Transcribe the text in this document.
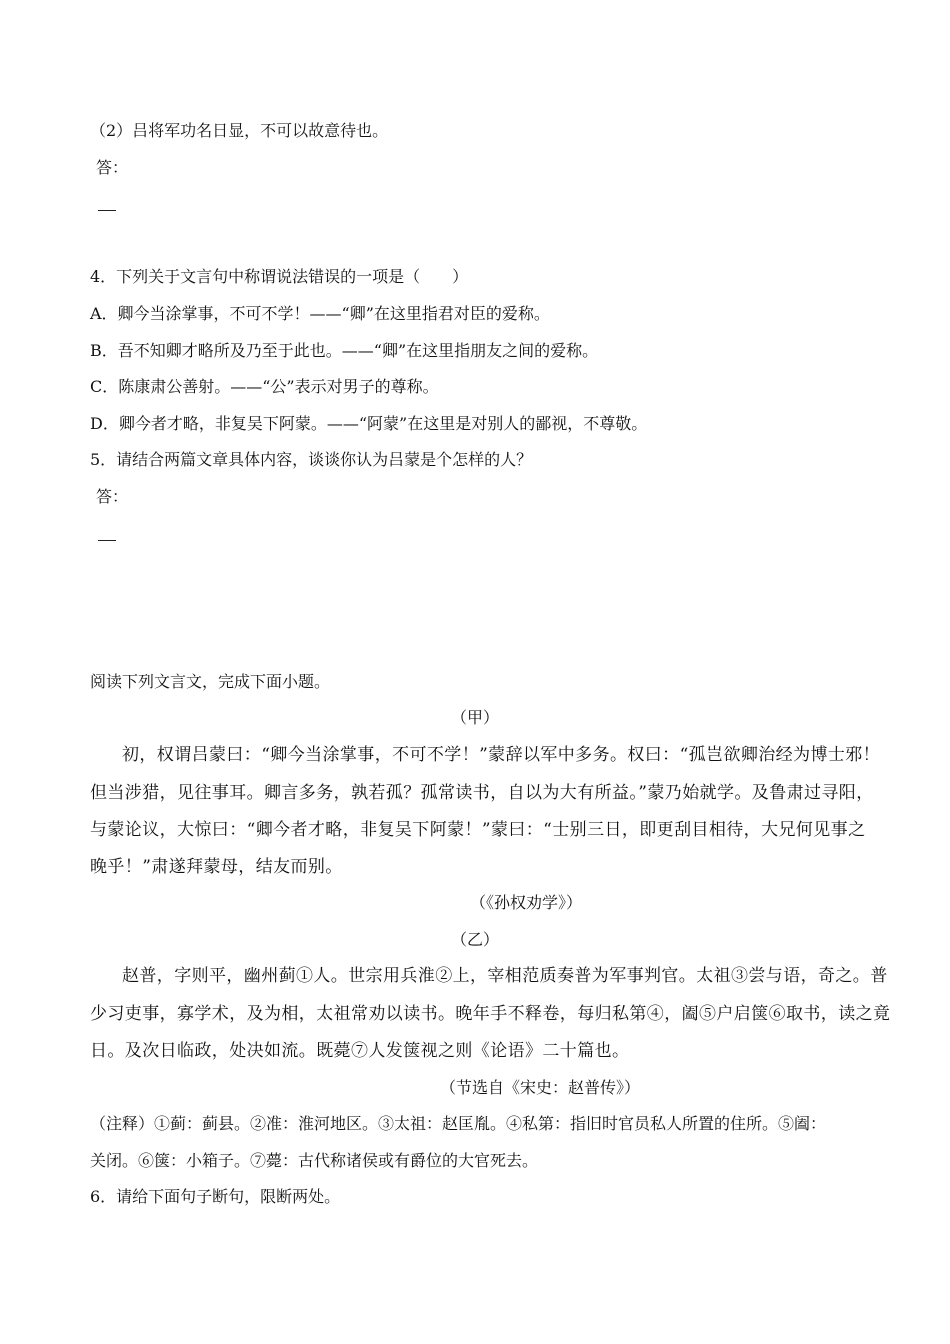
（2）吕将军功名日显，不可以故意待也。
答：
4．下列关于文言句中称谓说法错误的一项是（　　）
A．卿今当涂掌事，不可不学！——“卿”在这里指君对臣的爱称。
B．吾不知卿才略所及乃至于此也。——“卿”在这里指朋友之间的爱称。
C．陈康肃公善射。——“公”表示对男子的尊称。
D．卿今者才略，非复吴下阿蒙。——“阿蒙”在这里是对别人的鄙视，不尊敬。
5．请结合两篇文章具体内容，谈谈你认为吕蒙是个怎样的人？
答：
阅读下列文言文，完成下面小题。
（甲）
初，权谓吕蒙曰：“卿今当涂掌事，不可不学！”蒙辞以军中多务。权曰：“孤岂欲卿治经为博士邪！
但当涉猎，见往事耳。卿言多务，孰若孤？孤常读书，自以为大有所益。”蒙乃始就学。及鲁肃过寻阳，
与蒙论议，大惊曰：“卿今者才略，非复吴下阿蒙！”蒙曰：“士别三日，即更刮目相待，大兄何见事之
晚乎！”肃遂拜蒙母，结友而别。
（《孙权劝学》）
（乙）
赵普，字则平，幽州蓟①人。世宗用兵淮②上，宰相范质奏普为军事判官。太祖③尝与语，奇之。普
少习吏事，寡学术，及为相，太祖常劝以读书。晚年手不释卷，每归私第④，阖⑤户启箧⑥取书，读之竟
日。及次日临政，处决如流。既薨⑦人发箧视之则《论语》二十篇也。
（节选自《宋史：赵普传》）
（注释）①蓟：蓟县。②准：淮河地区。③太祖：赵匡胤。④私第：指旧时官员私人所置的住所。⑤阖：
关闭。⑥箧：小箱子。⑦薨：古代称诸侯或有爵位的大官死去。
6．请给下面句子断句，限断两处。
